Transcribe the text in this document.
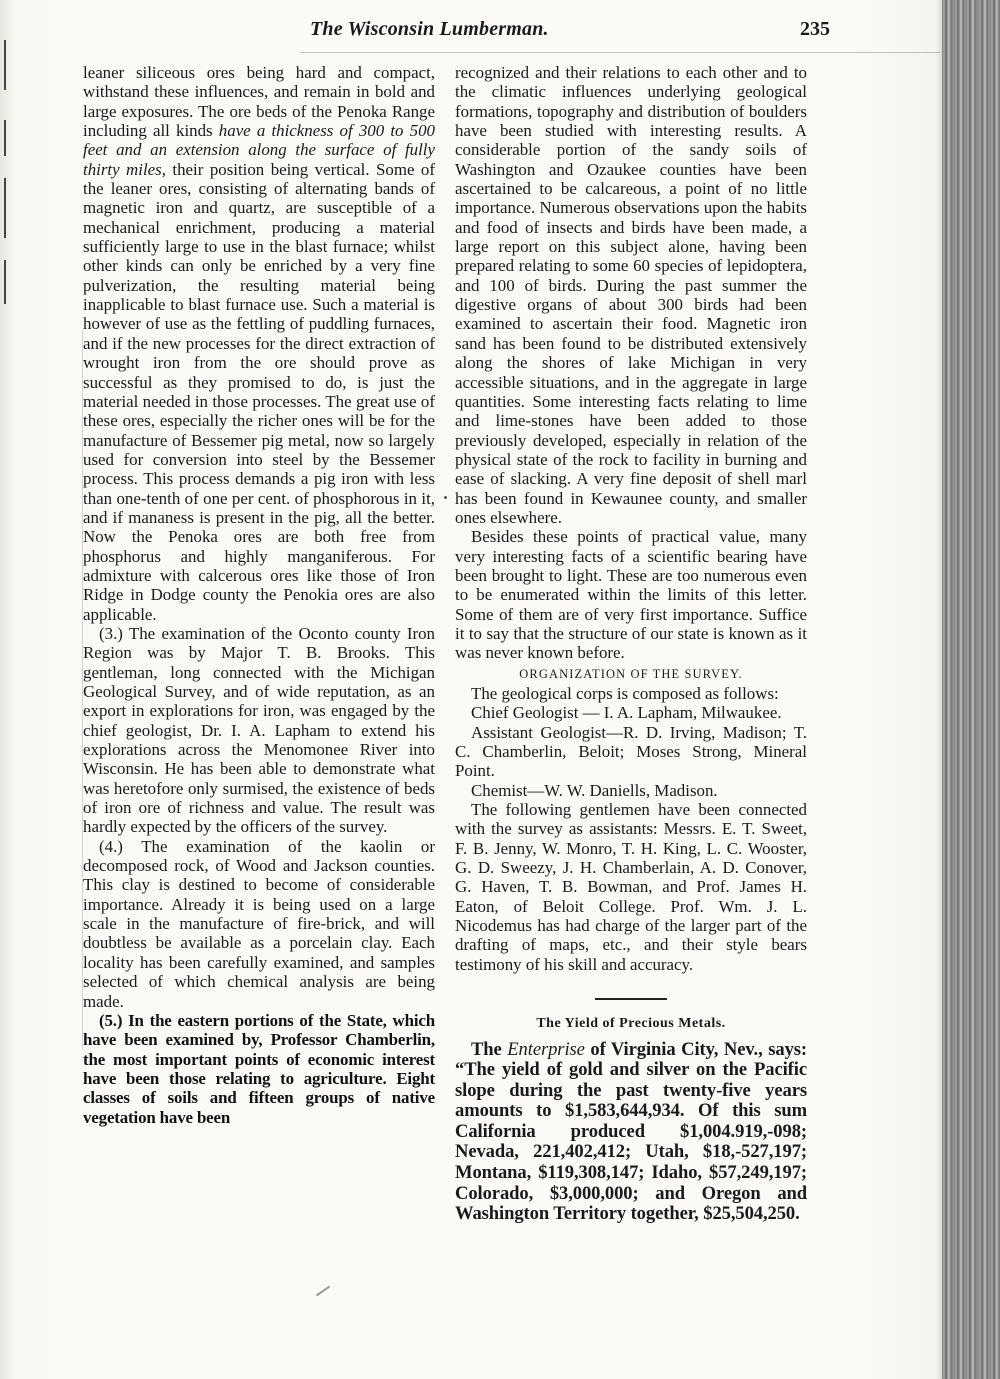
The Wisconsin Lumberman.	235

leaner siliceous ores being hard and compact, withstand these influences, and remain in bold and large exposures. The ore beds of the Penoka Range including all kinds have a thickness of 300 to 500 feet and an extension along the surface of fully thirty miles, their position being vertical. Some of the leaner ores, consisting of alternating bands of magnetic iron and quartz, are susceptible of a mechanical enrichment, producing a material sufficiently large to use in the blast furnace; whilst other kinds can only be enriched by a very fine pulverization, the resulting material being inapplicable to blast furnace use. Such a material is however of use as the fettling of puddling furnaces, and if the new processes for the direct extraction of wrought iron from the ore should prove as successful as they promised to do, is just the material needed in those processes. The great use of these ores, especially the richer ones will be for the manufacture of Bessemer pig metal, now so largely used for conversion into steel by the Bessemer process. This process demands a pig iron with less than one-tenth of one per cent. of phosphorous in it, and if mananess is present in the pig, all the better. Now the Penoka ores are both free from phosphorus and highly manganiferous. For admixture with calcerous ores like those of Iron Ridge in Dodge county the Penokia ores are also applicable.

(3.) The examination of the Oconto county Iron Region was by Major T. B. Brooks. This gentleman, long connected with the Michigan Geological Survey, and of wide reputation, as an export in explorations for iron, was engaged by the chief geologist, Dr. I. A. Lapham to extend his explorations across the Menomonee River into Wisconsin. He has been able to demonstrate what was heretofore only surmised, the existence of beds of iron ore of richness and value. The result was hardly expected by the officers of the survey.

(4.) The examination of the kaolin or decomposed rock, of Wood and Jackson counties. This clay is destined to become of considerable importance. Already it is being used on a large scale in the manufacture of fire-brick, and will doubtless be available as a porcelain clay. Each locality has been carefully examined, and samples selected of which chemical analysis are being made.

(5.) In the eastern portions of the State, which have been examined by, Professor Chamberlin, the most important points of economic interest have been those relating to agriculture. Eight classes of soils and fifteen groups of native vegetation have been

recognized and their relations to each other and to the climatic influences underlying geological formations, topography and distribution of boulders have been studied with interesting results. A considerable portion of the sandy soils of Washington and Ozaukee counties have been ascertained to be calcareous, a point of no little importance. Numerous observations upon the habits and food of insects and birds have been made, a large report on this subject alone, having been prepared relating to some 60 species of lepidoptera, and 100 of birds. During the past summer the digestive organs of about 300 birds had been examined to ascertain their food. Magnetic iron sand has been found to be distributed extensively along the shores of lake Michigan in very accessible situations, and in the aggregate in large quantities. Some interesting facts relating to lime and lime-stones have been added to those previously developed, especially in relation of the physical state of the rock to facility in burning and ease of slacking. A very fine deposit of shell marl has been found in Kewaunee county, and smaller ones elsewhere.

Besides these points of practical value, many very interesting facts of a scientific bearing have been brought to light. These are too numerous even to be enumerated within the limits of this letter. Some of them are of very first importance. Suffice it to say that the structure of our state is known as it was never known before.

ORGANIZATION OF THE SURVEY.

The geological corps is composed as follows:

Chief Geologist — I. A. Lapham, Milwaukee.

Assistant Geologist—R. D. Irving, Madison; T. C. Chamberlin, Beloit; Moses Strong, Mineral Point.

Chemist—W. W. Daniells, Madison.

The following gentlemen have been connected with the survey as assistants: Messrs. E. T. Sweet, F. B. Jenny, W. Monro, T. H. King, L. C. Wooster, G. D. Sweezy, J. H. Chamberlain, A. D. Conover, G. Haven, T. B. Bowman, and Prof. James H. Eaton, of Beloit College. Prof. Wm. J. L. Nicodemus has had charge of the larger part of the drafting of maps, etc., and their style bears testimony of his skill and accuracy.

The Yield of Precious Metals.

The Enterprise of Virginia City, Nev., says: “The yield of gold and silver on the Pacific slope during the past twenty-five years amounts to $1,583,644,934. Of this sum California produced $1,004.919,-098; Nevada, 221,402,412; Utah, $18,-527,197; Montana, $119,308,147; Idaho, $57,249,197; Colorado, $3,000,000; and Oregon and Washington Territory together, $25,504,250.
